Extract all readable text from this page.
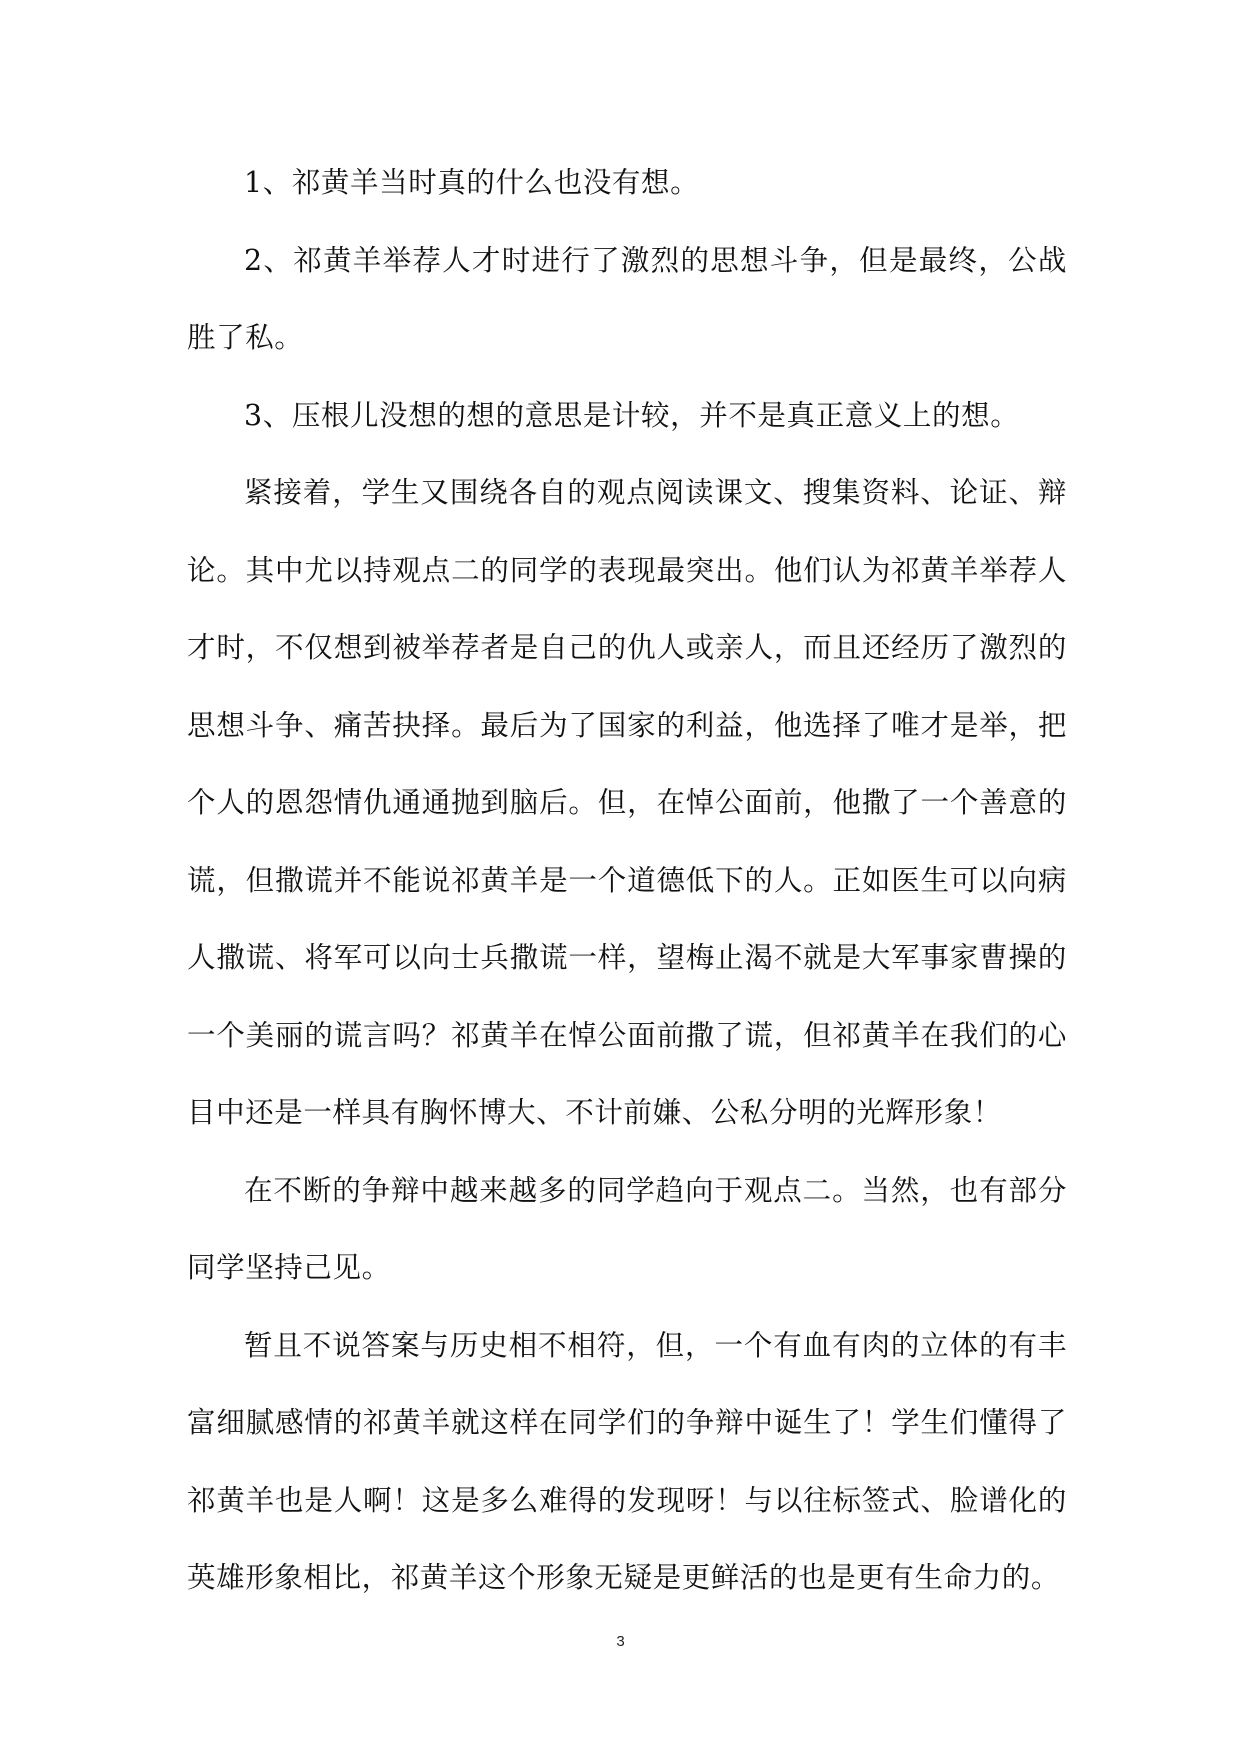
1、祁黄羊当时真的什么也没有想。

2、祁黄羊举荐人才时进行了激烈的思想斗争，但是最终，公战胜了私。

3、压根儿没想的想的意思是计较，并不是真正意义上的想。

紧接着，学生又围绕各自的观点阅读课文、搜集资料、论证、辩论。其中尤以持观点二的同学的表现最突出。他们认为祁黄羊举荐人才时，不仅想到被举荐者是自己的仇人或亲人，而且还经历了激烈的思想斗争、痛苦抉择。最后为了国家的利益，他选择了唯才是举，把个人的恩怨情仇通通抛到脑后。但，在悼公面前，他撒了一个善意的谎，但撒谎并不能说祁黄羊是一个道德低下的人。正如医生可以向病人撒谎、将军可以向士兵撒谎一样，望梅止渴不就是大军事家曹操的一个美丽的谎言吗？祁黄羊在悼公面前撒了谎，但祁黄羊在我们的心目中还是一样具有胸怀博大、不计前嫌、公私分明的光辉形象！

在不断的争辩中越来越多的同学趋向于观点二。当然，也有部分同学坚持己见。

暂且不说答案与历史相不相符，但，一个有血有肉的立体的有丰富细腻感情的祁黄羊就这样在同学们的争辩中诞生了！学生们懂得了祁黄羊也是人啊！这是多么难得的发现呀！与以往标签式、脸谱化的英雄形象相比，祁黄羊这个形象无疑是更鲜活的也是更有生命力的。

3
